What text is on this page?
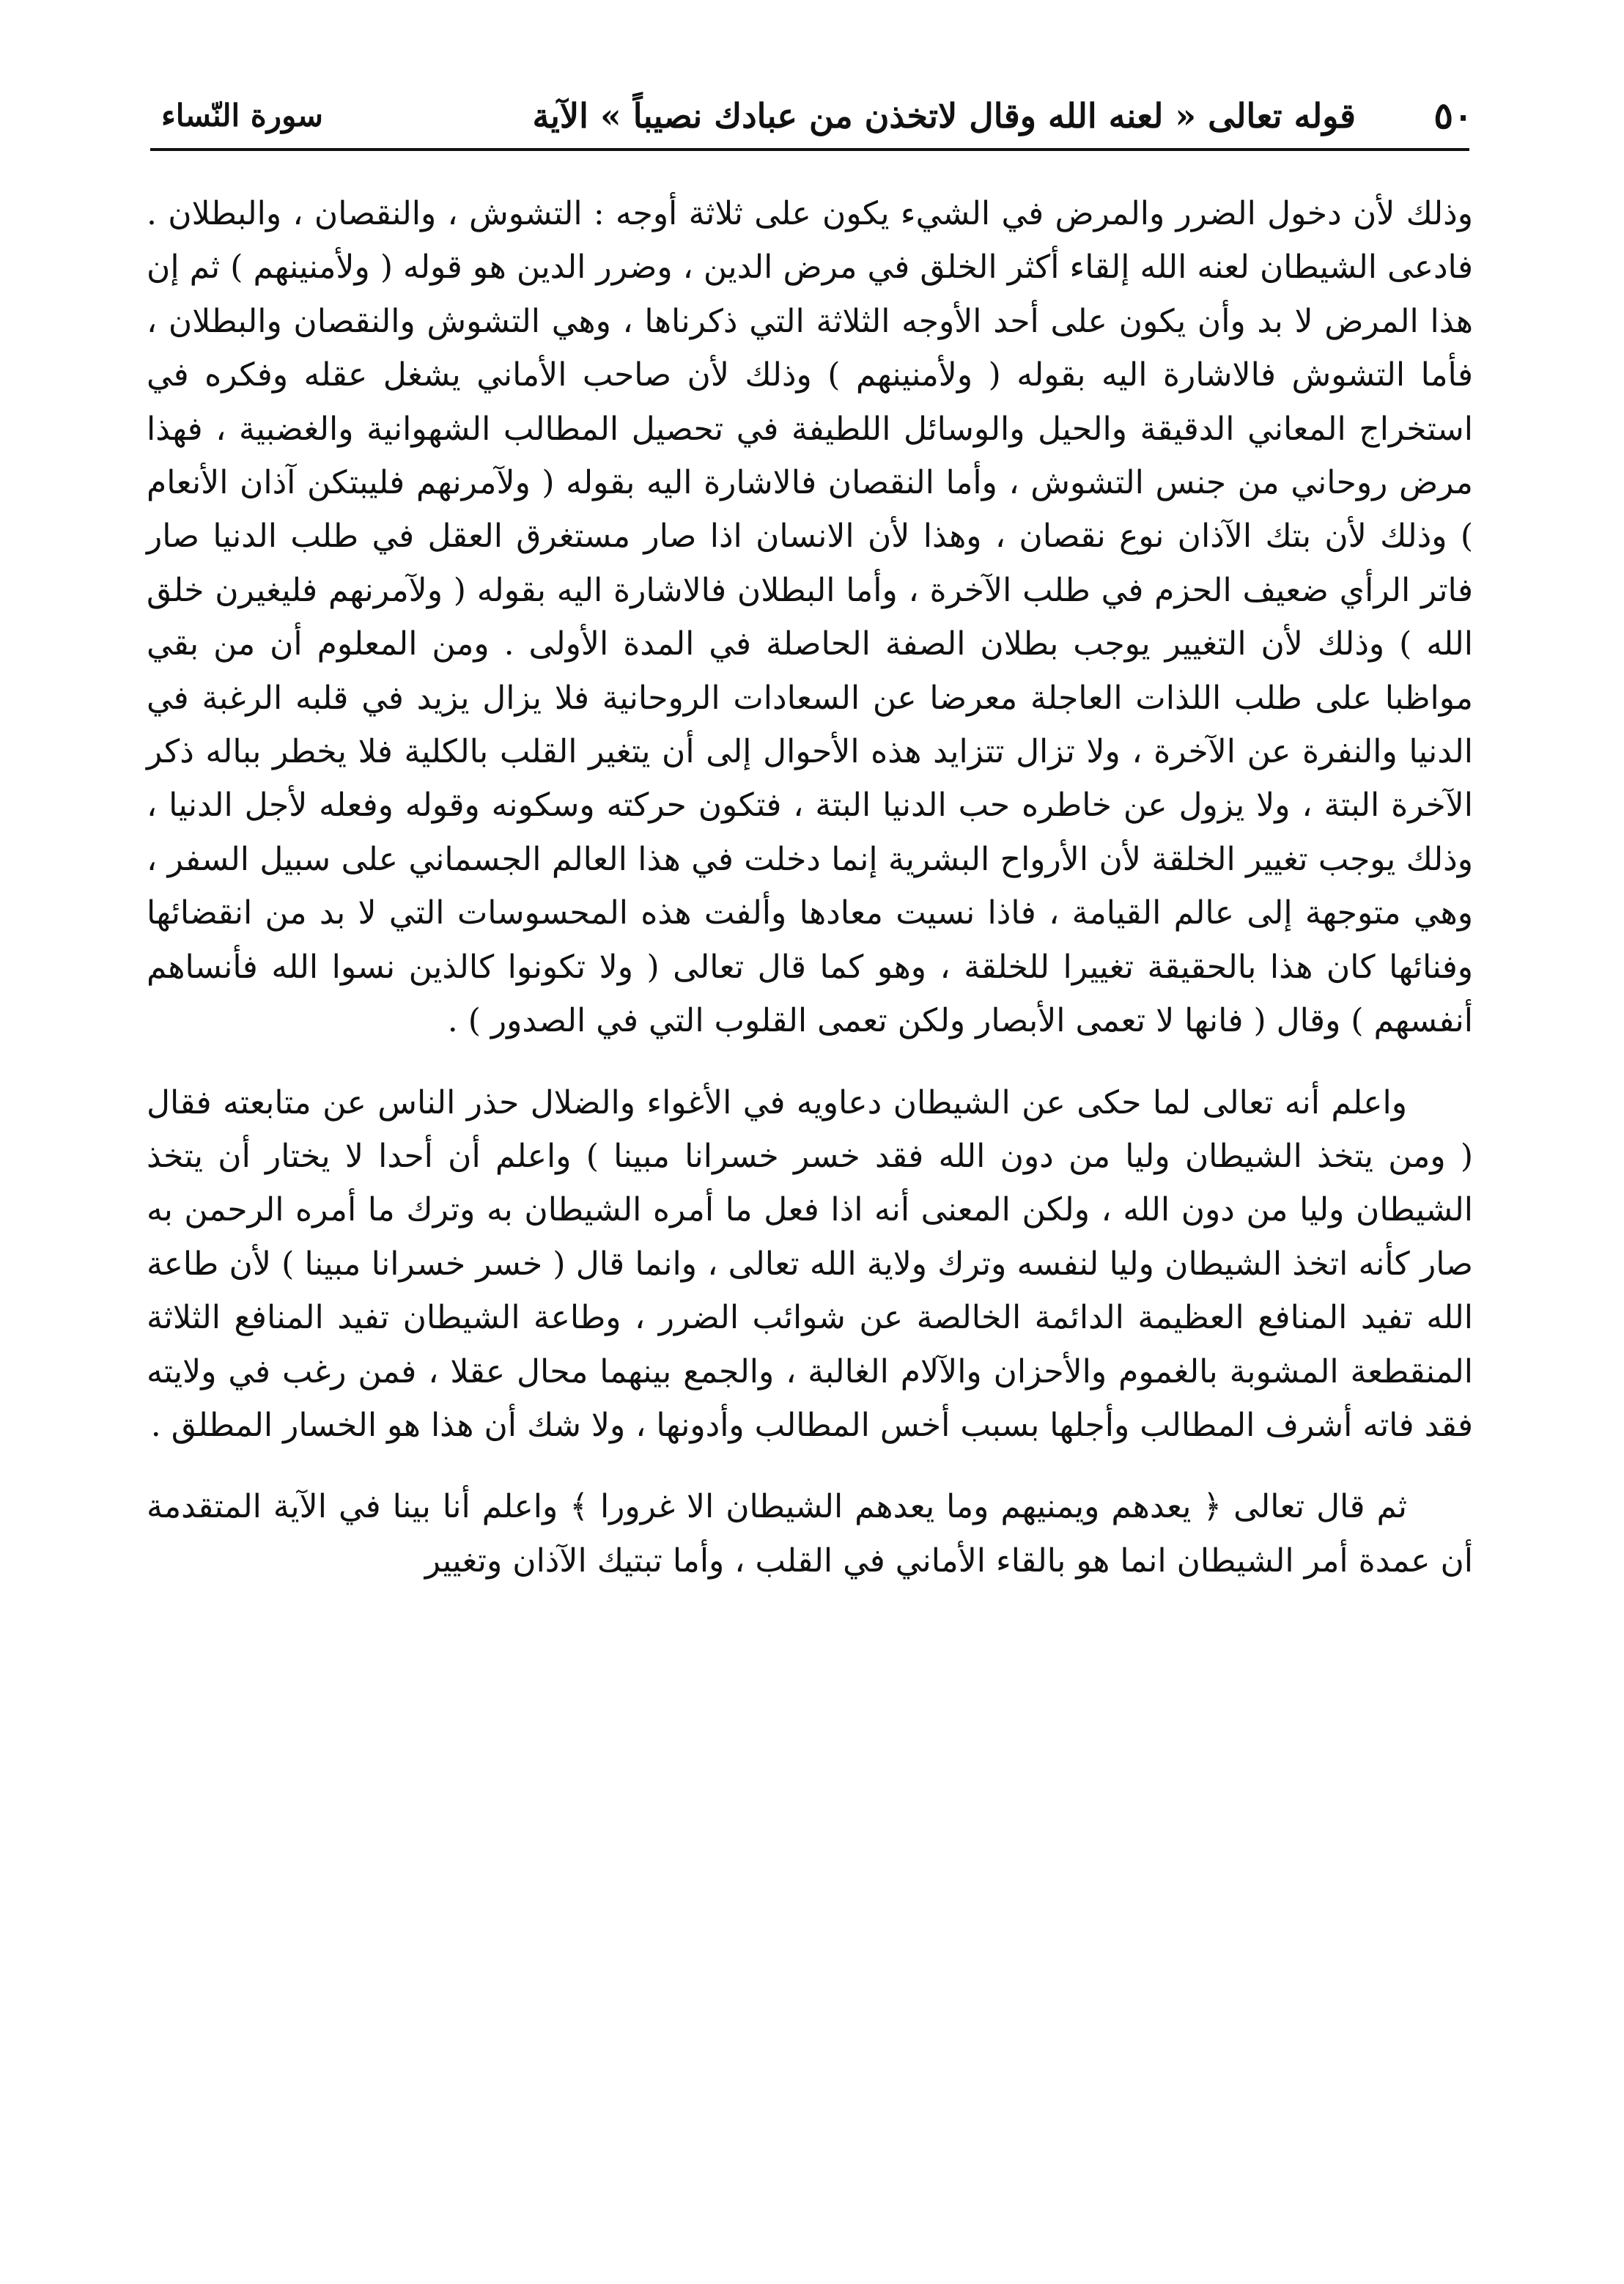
٥٠
قوله تعالى « لعنه الله وقال لاتخذن من عبادك نصيباً » الآية
سورة النّساء

وذلك لأن دخول الضرر والمرض في الشيء يكون على ثلاثة أوجه : التشوش ، والنقصان ، والبطلان . فادعى الشيطان لعنه الله إلقاء أكثر الخلق في مرض الدين ، وضرر الدين هو قوله ( ولأمنينهم ) ثم إن هذا المرض لا بد وأن يكون على أحد الأوجه الثلاثة التي ذكرناها ، وهي التشوش والنقصان والبطلان ، فأما التشوش فالاشارة اليه بقوله ( ولأمنينهم ) وذلك لأن صاحب الأماني يشغل عقله وفكره في استخراج المعاني الدقيقة والحيل والوسائل اللطيفة في تحصيل المطالب الشهوانية والغضبية ، فهذا مرض روحاني من جنس التشوش ، وأما النقصان فالاشارة اليه بقوله ( ولآمرنهم فليبتكن آذان الأنعام ) وذلك لأن بتك الآذان نوع نقصان ، وهذا لأن الانسان اذا صار مستغرق العقل في طلب الدنيا صار فاتر الرأي ضعيف الحزم في طلب الآخرة ، وأما البطلان فالاشارة اليه بقوله ( ولآمرنهم فليغيرن خلق الله ) وذلك لأن التغيير يوجب بطلان الصفة الحاصلة في المدة الأولى . ومن المعلوم أن من بقي مواظبا على طلب اللذات العاجلة معرضا عن السعادات الروحانية فلا يزال يزيد في قلبه الرغبة في الدنيا والنفرة عن الآخرة ، ولا تزال تتزايد هذه الأحوال إلى أن يتغير القلب بالكلية فلا يخطر بباله ذكر الآخرة البتة ، ولا يزول عن خاطره حب الدنيا البتة ، فتكون حركته وسكونه وقوله وفعله لأجل الدنيا ، وذلك يوجب تغيير الخلقة لأن الأرواح البشرية إنما دخلت في هذا العالم الجسماني على سبيل السفر ، وهي متوجهة إلى عالم القيامة ، فاذا نسيت معادها وألفت هذه المحسوسات التي لا بد من انقضائها وفنائها كان هذا بالحقيقة تغييرا للخلقة ، وهو كما قال تعالى ( ولا تكونوا كالذين نسوا الله فأنساهم أنفسهم ) وقال ( فانها لا تعمى الأبصار ولكن تعمى القلوب التي في الصدور ) .

واعلم أنه تعالى لما حكى عن الشيطان دعاويه في الأغواء والضلال حذر الناس عن متابعته فقال ( ومن يتخذ الشيطان وليا من دون الله فقد خسر خسرانا مبينا ) واعلم أن أحدا لا يختار أن يتخذ الشيطان وليا من دون الله ، ولكن المعنى أنه اذا فعل ما أمره الشيطان به وترك ما أمره الرحمن به صار كأنه اتخذ الشيطان وليا لنفسه وترك ولاية الله تعالى ، وانما قال ( خسر خسرانا مبينا ) لأن طاعة الله تفيد المنافع العظيمة الدائمة الخالصة عن شوائب الضرر ، وطاعة الشيطان تفيد المنافع الثلاثة المنقطعة المشوبة بالغموم والأحزان والآلام الغالبة ، والجمع بينهما محال عقلا ، فمن رغب في ولايته فقد فاته أشرف المطالب وأجلها بسبب أخس المطالب وأدونها ، ولا شك أن هذا هو الخسار المطلق .

ثم قال تعالى ﴿ يعدهم ويمنيهم وما يعدهم الشيطان الا غرورا ﴾ واعلم أنا بينا في الآية المتقدمة أن عمدة أمر الشيطان انما هو بالقاء الأماني في القلب ، وأما تبتيك الآذان وتغيير
